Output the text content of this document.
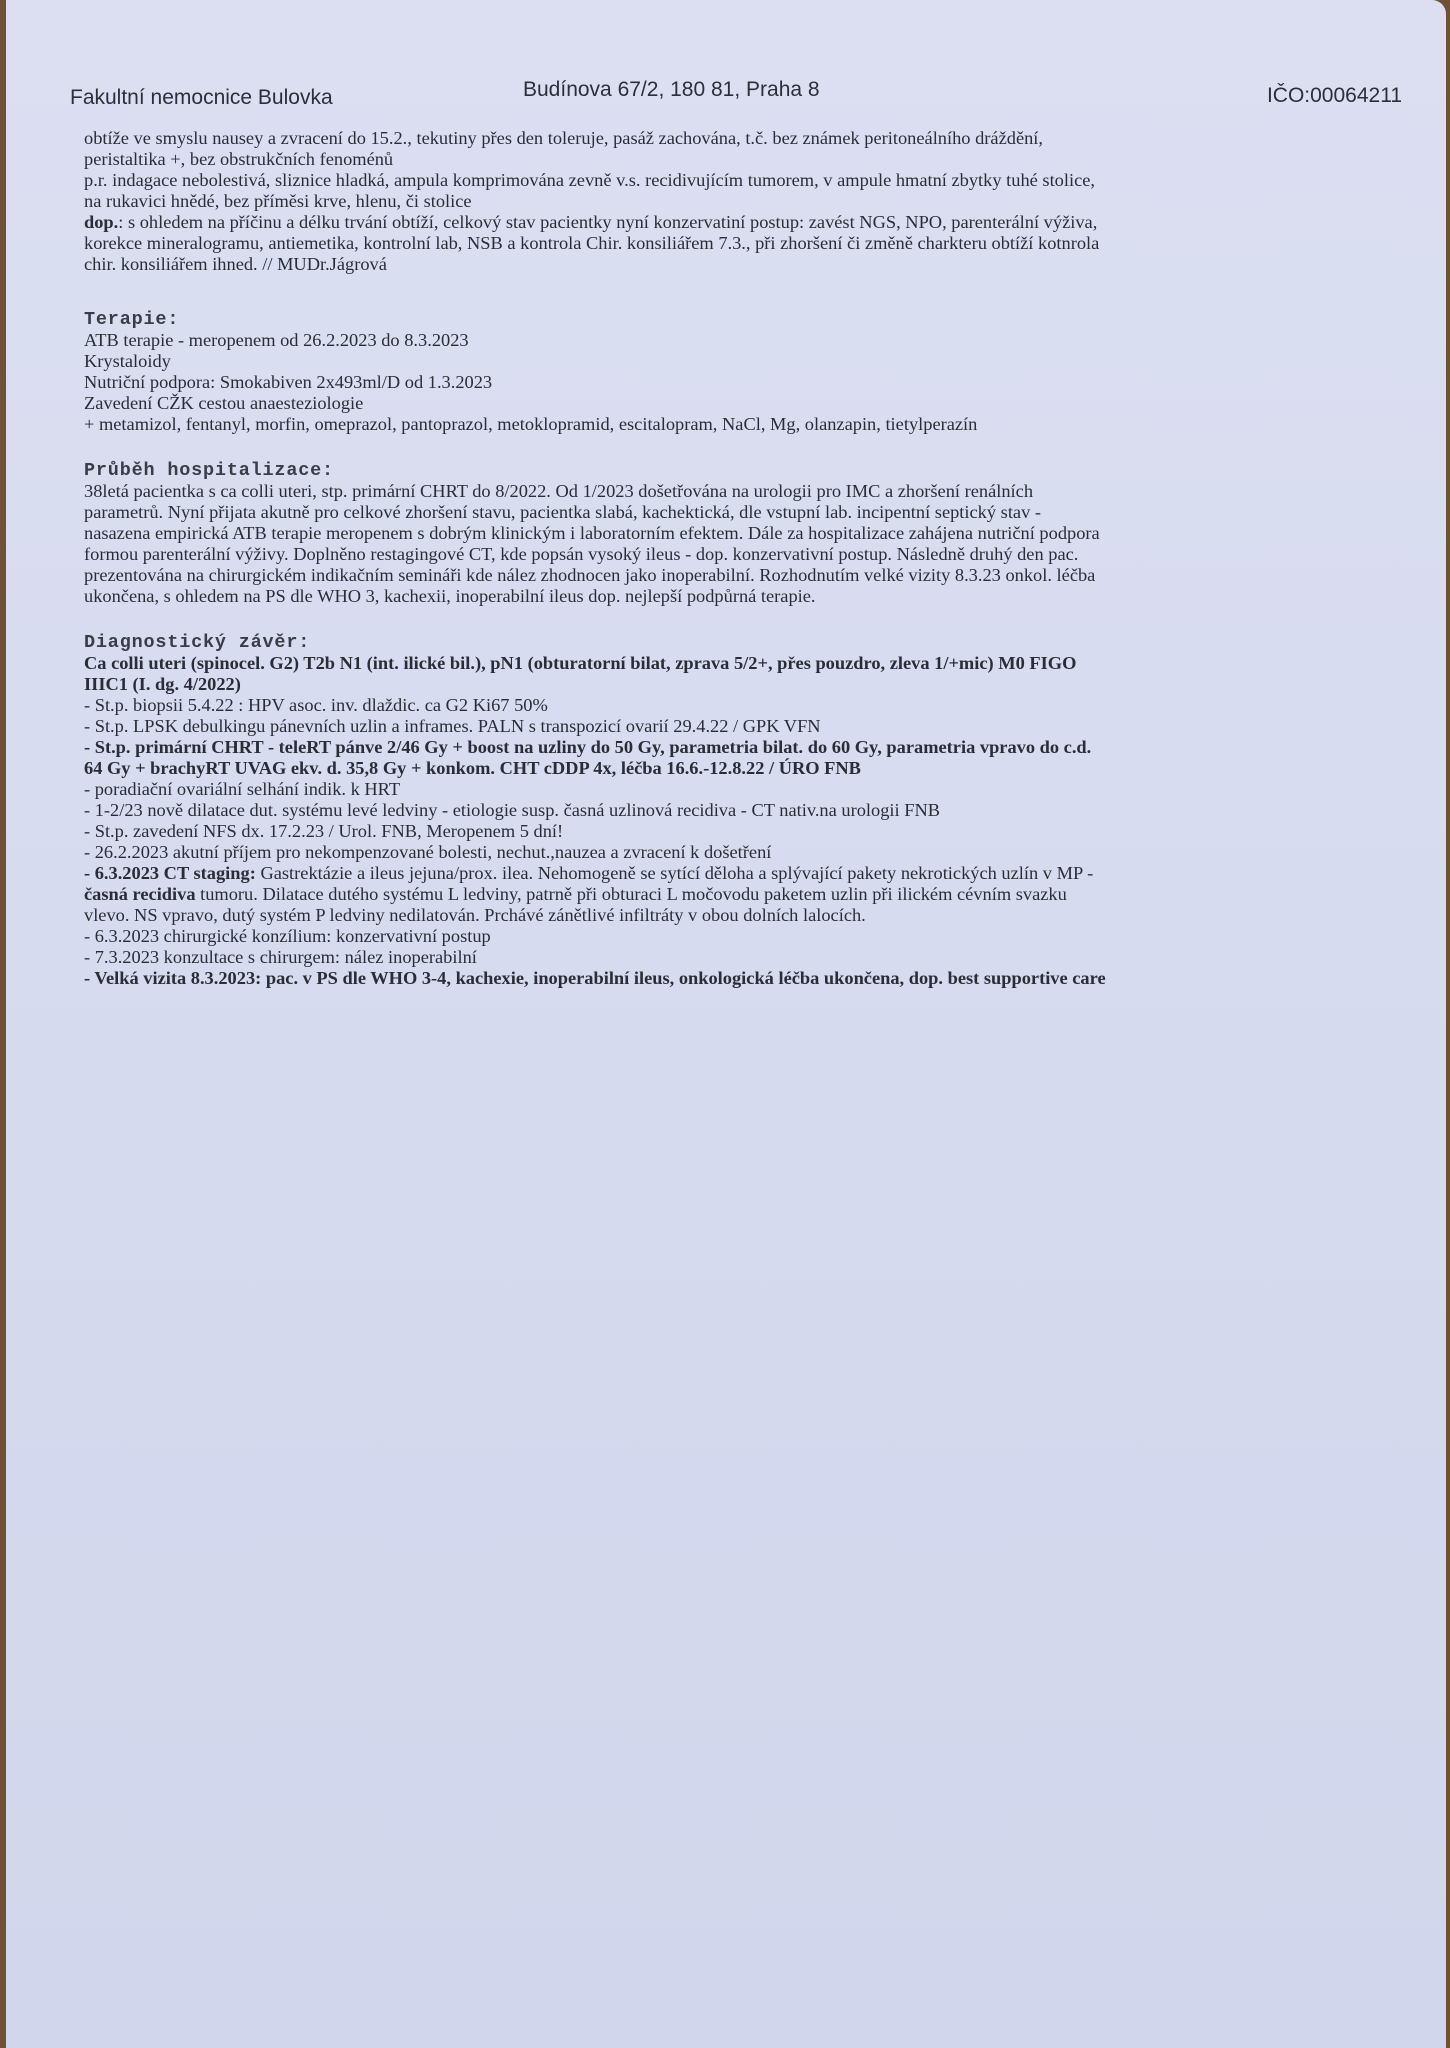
Fakultní nemocnice Bulovka	Budínova 67/2, 180 81, Praha 8	IČO:00064211
obtíže ve smyslu nausey a zvracení do 15.2., tekutiny přes den toleruje, pasáž zachována, t.č. bez známek peritoneálního dráždění,
peristaltika +, bez obstrukčních fenoménů
p.r. indagace nebolestivá, sliznice hladká, ampula komprimována zevně v.s. recidivujícím tumorem, v ampule hmatní zbytky tuhé stolice,
na rukavici hnědé, bez příměsi krve, hlenu, či stolice
dop.: s ohledem na příčinu a délku trvání obtíží, celkový stav pacientky nyní konzervatiní postup: zavést NGS, NPO, parenterální výživa,
korekce mineralogramu, antiemetika, kontrolní lab, NSB a kontrola Chir. konsiliářem 7.3., při zhoršení či změně charkteru obtíží kotnrola
chir. konsiliářem ihned. // MUDr.Jágrová
Terapie:
ATB terapie - meropenem od 26.2.2023 do 8.3.2023
Krystaloidy
Nutriční podpora: Smokabiven 2x493ml/D od 1.3.2023
Zavedení CŽK cestou anaesteziologie
+ metamizol, fentanyl, morfin, omeprazol, pantoprazol, metoklopramid, escitalopram, NaCl, Mg, olanzapin, tietylperazín
Průběh hospitalizace:
38letá pacientka s ca colli uteri, stp. primární CHRT do 8/2022. Od 1/2023 došetřována na urologii pro IMC a zhoršení renálních
parametrů. Nyní přijata akutně pro celkové zhoršení stavu, pacientka slabá, kachektická, dle vstupní lab. incipentní septický stav -
nasazena empirická ATB terapie meropenem s dobrým klinickým i laboratorním efektem. Dále za hospitalizace zahájena nutriční podpora
formou parenterální výživy. Doplněno restagingové CT, kde popsán vysoký ileus - dop. konzervativní postup. Následně druhý den pac.
prezentována na chirurgickém indikačním semináři kde nález zhodnocen jako inoperabilní. Rozhodnutím velké vizity 8.3.23 onkol. léčba
ukončena, s ohledem na PS dle WHO 3, kachexii, inoperabilní ileus dop. nejlepší podpůrná terapie.
Diagnostický závěr:
Ca colli uteri (spinocel. G2) T2b N1 (int. ilické bil.), pN1 (obturatorní bilat, zprava 5/2+, přes pouzdro, zleva 1/+mic) M0 FIGO
IIIC1 (I. dg. 4/2022)
- St.p. biopsii 5.4.22 : HPV asoc. inv. dlaždic. ca G2 Ki67 50%
- St.p. LPSK debulkingu pánevních uzlin a inframes. PALN s transpozicí ovarií 29.4.22 / GPK VFN
- St.p. primární CHRT - teleRT pánve 2/46 Gy + boost na uzliny do 50 Gy, parametria bilat. do 60 Gy, parametria vpravo do c.d.
64 Gy + brachyRT UVAG ekv. d. 35,8 Gy + konkom. CHT cDDP 4x, léčba 16.6.-12.8.22 / ÚRO FNB
- poradiační ovariální selhání indik. k HRT
- 1-2/23 nově dilatace dut. systému levé ledviny - etiologie susp. časná uzlinová recidiva - CT nativ.na urologii FNB
- St.p. zavedení NFS dx. 17.2.23 / Urol. FNB, Meropenem 5 dní!
- 26.2.2023 akutní příjem pro nekompenzované bolesti, nechut.,nauzea a zvracení k došetření
- 6.3.2023 CT staging: Gastrektázie a ileus jejuna/prox. ilea. Nehomogeně se sytící děloha a splývající pakety nekrotických uzlín v MP -
časná recidiva tumoru. Dilatace dutého systému L ledviny, patrně při obturaci L močovodu paketem uzlin při ilickém cévním svazku
vlevo. NS vpravo, dutý systém P ledviny nedilatován. Prchávé zánětlivé infiltráty v obou dolních lalocích.
- 6.3.2023 chirurgické konzílium: konzervativní postup
- 7.3.2023 konzultace s chirurgem: nález inoperabilní
- Velká vizita 8.3.2023: pac. v PS dle WHO 3-4, kachexie, inoperabilní ileus, onkologická léčba ukončena, dop. best supportive care
